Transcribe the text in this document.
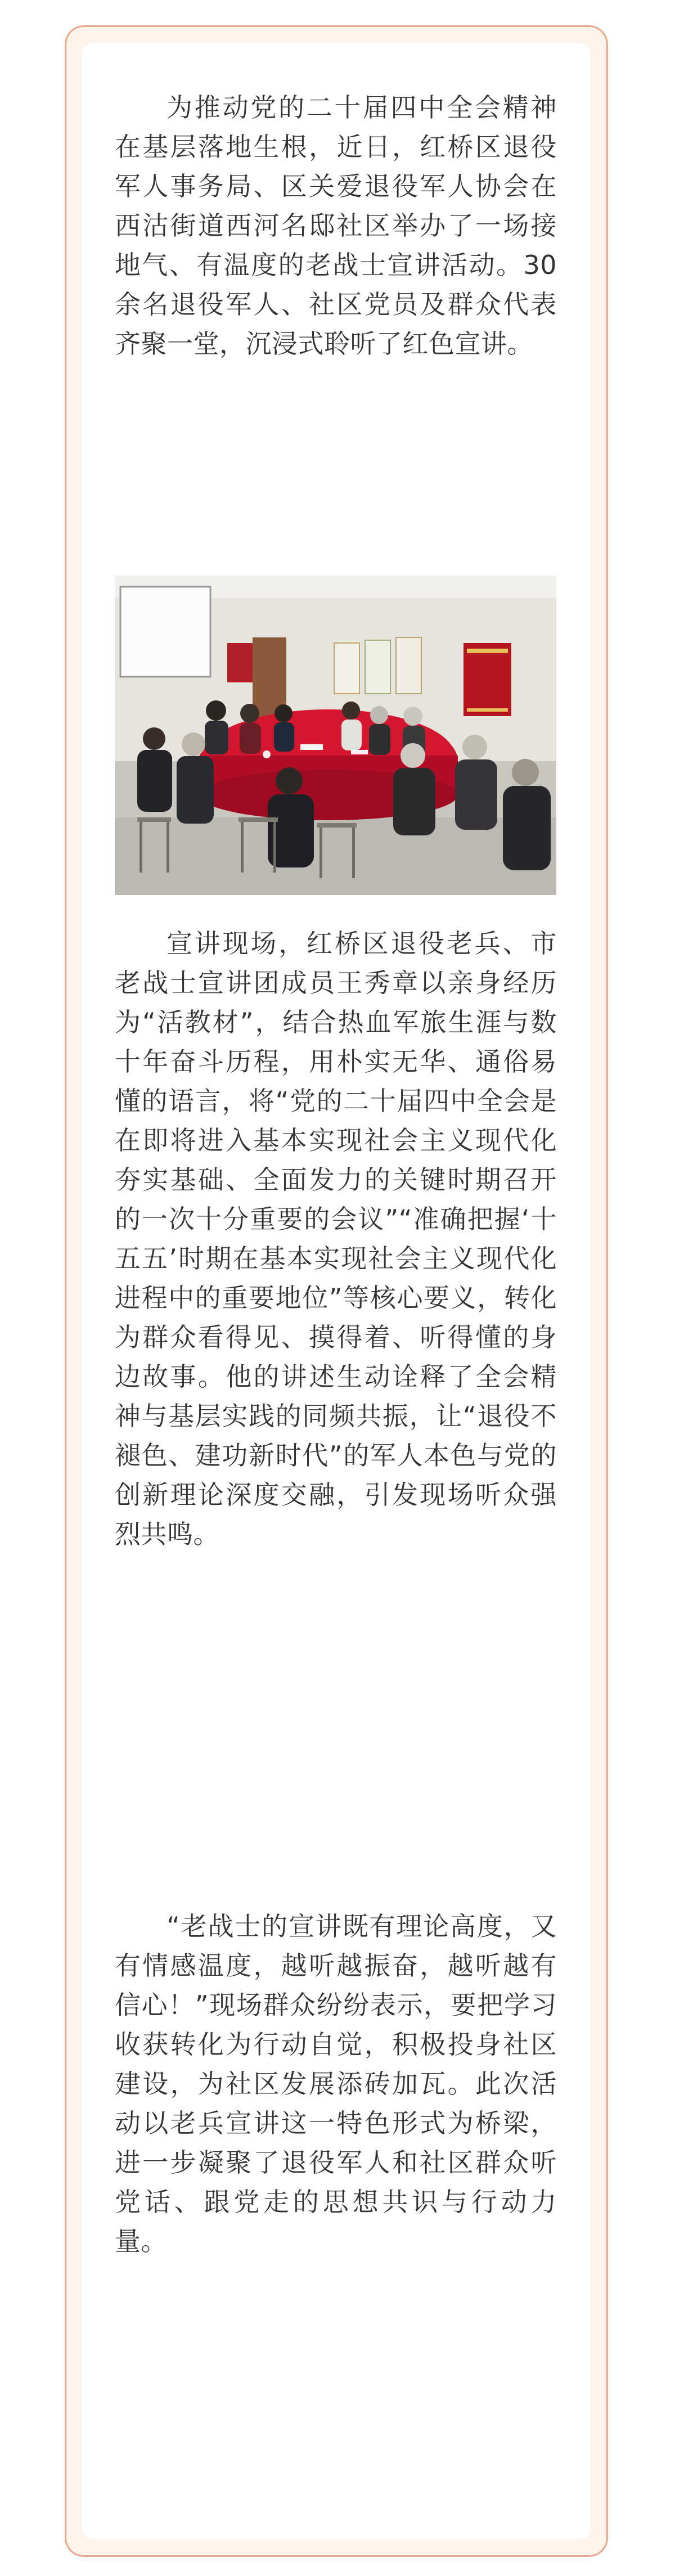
为推动党的二十届四中全会精神在基层落地生根，近日，红桥区退役军人事务局、区关爱退役军人协会在西沽街道西河名邸社区举办了一场接地气、有温度的老战士宣讲活动。30余名退役军人、社区党员及群众代表齐聚一堂，沉浸式聆听了红色宣讲。

宣讲现场，红桥区退役老兵、市老战士宣讲团成员王秀章以亲身经历为“活教材”，结合热血军旅生涯与数十年奋斗历程，用朴实无华、通俗易懂的语言，将“党的二十届四中全会是在即将进入基本实现社会主义现代化夯实基础、全面发力的关键时期召开的一次十分重要的会议”“准确把握‘十五五’时期在基本实现社会主义现代化进程中的重要地位”等核心要义，转化为群众看得见、摸得着、听得懂的身边故事。他的讲述生动诠释了全会精神与基层实践的同频共振，让“退役不褪色、建功新时代”的军人本色与党的创新理论深度交融，引发现场听众强烈共鸣。

“老战士的宣讲既有理论高度，又有情感温度，越听越振奋，越听越有信心！”现场群众纷纷表示，要把学习收获转化为行动自觉，积极投身社区建设，为社区发展添砖加瓦。此次活动以老兵宣讲这一特色形式为桥梁，进一步凝聚了退役军人和社区群众听党话、跟党走的思想共识与行动力量。
